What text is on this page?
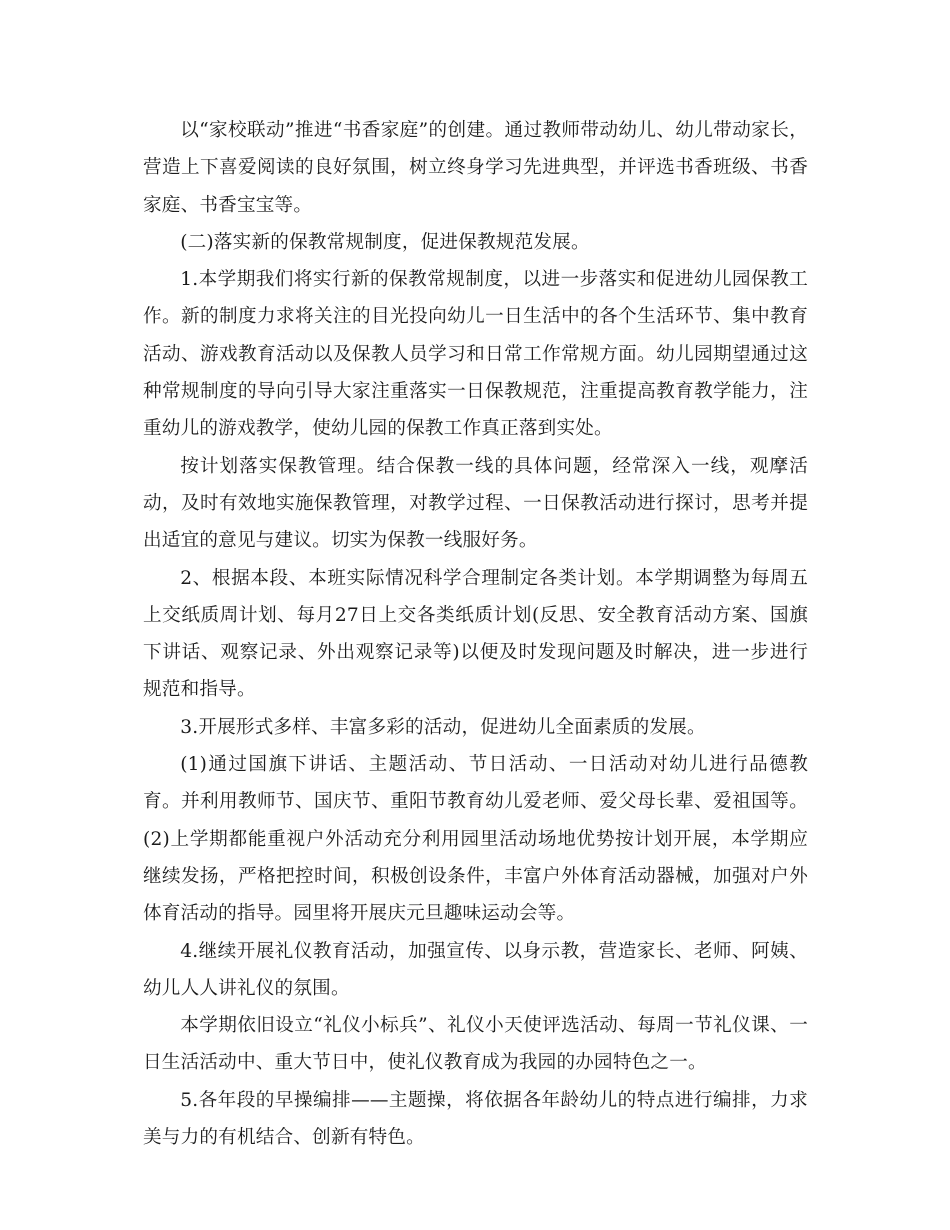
以“家校联动”推进“书香家庭”的创建。通过教师带动幼儿、幼儿带动家长，营造上下喜爱阅读的良好氛围，树立终身学习先进典型，并评选书香班级、书香家庭、书香宝宝等。

(二)落实新的保教常规制度，促进保教规范发展。

1.本学期我们将实行新的保教常规制度，以进一步落实和促进幼儿园保教工作。新的制度力求将关注的目光投向幼儿一日生活中的各个生活环节、集中教育活动、游戏教育活动以及保教人员学习和日常工作常规方面。幼儿园期望通过这种常规制度的导向引导大家注重落实一日保教规范，注重提高教育教学能力，注重幼儿的游戏教学，使幼儿园的保教工作真正落到实处。

按计划落实保教管理。结合保教一线的具体问题，经常深入一线，观摩活动，及时有效地实施保教管理，对教学过程、一日保教活动进行探讨，思考并提出适宜的意见与建议。切实为保教一线服好务。

2、根据本段、本班实际情况科学合理制定各类计划。本学期调整为每周五上交纸质周计划、每月27日上交各类纸质计划(反思、安全教育活动方案、国旗下讲话、观察记录、外出观察记录等)以便及时发现问题及时解决，进一步进行规范和指导。

3.开展形式多样、丰富多彩的活动，促进幼儿全面素质的发展。

(1)通过国旗下讲话、主题活动、节日活动、一日活动对幼儿进行品德教育。并利用教师节、国庆节、重阳节教育幼儿爱老师、爱父母长辈、爱祖国等。(2)上学期都能重视户外活动充分利用园里活动场地优势按计划开展，本学期应继续发扬，严格把控时间，积极创设条件，丰富户外体育活动器械，加强对户外体育活动的指导。园里将开展庆元旦趣味运动会等。

4.继续开展礼仪教育活动，加强宣传、以身示教，营造家长、老师、阿姨、幼儿人人讲礼仪的氛围。

本学期依旧设立“礼仪小标兵”、礼仪小天使评选活动、每周一节礼仪课、一日生活活动中、重大节日中，使礼仪教育成为我园的办园特色之一。

5.各年段的早操编排——主题操，将依据各年龄幼儿的特点进行编排，力求美与力的有机结合、创新有特色。
